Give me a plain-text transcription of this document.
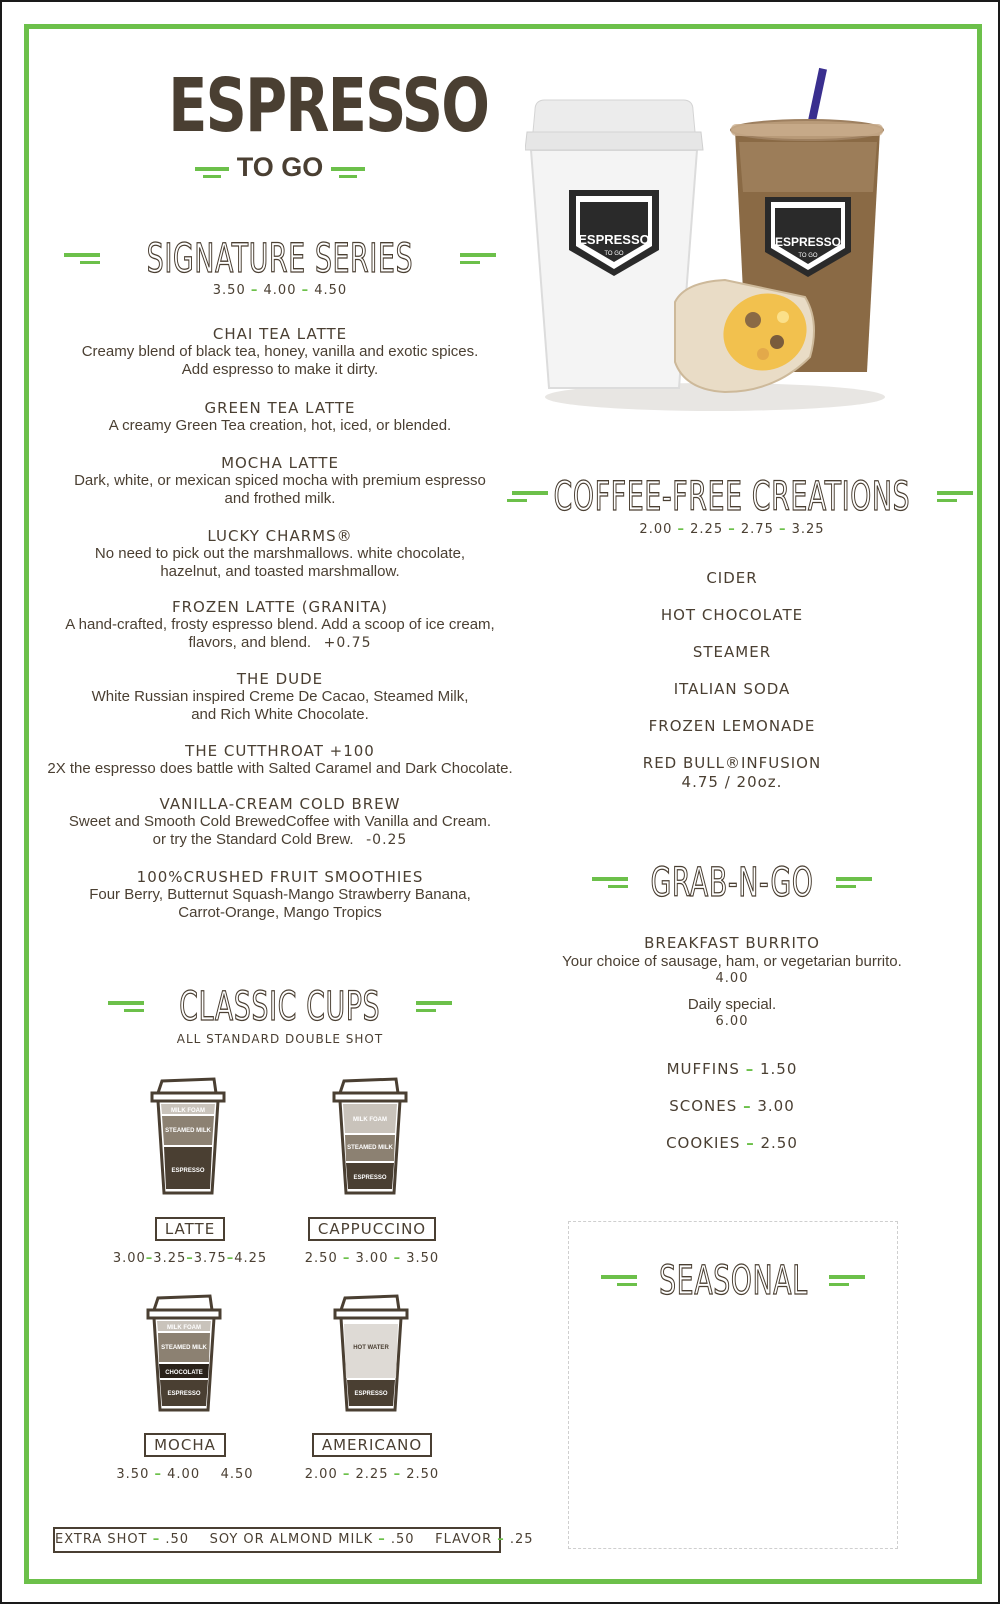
ESPRESSO
TO GO
SIGNATURE SERIES
3.50 – 4.00 – 4.50
CHAI TEA LATTE
Creamy blend of black tea, honey, vanilla and exotic spices.
Add espresso to make it dirty.
GREEN TEA LATTE
A creamy Green Tea creation, hot, iced, or blended.
MOCHA LATTE
Dark, white, or mexican spiced mocha with premium espresso
and frothed milk.
LUCKY CHARMS®
No need to pick out the marshmallows. white chocolate,
hazelnut, and toasted marshmallow.
FROZEN LATTE (GRANITA)
A hand-crafted, frosty espresso blend. Add a scoop of ice cream,
flavors, and blend. +0.75
THE DUDE
White Russian inspired Creme De Cacao, Steamed Milk,
and Rich White Chocolate.
THE CUTTHROAT +100
2X the espresso does battle with Salted Caramel and Dark Chocolate.
VANILLA-CREAM COLD BREW
Sweet and Smooth Cold BrewedCoffee with Vanilla and Cream.
or try the Standard Cold Brew. -0.25
100%CRUSHED FRUIT SMOOTHIES
Four Berry, Butternut Squash-Mango Strawberry Banana,
Carrot-Orange, Mango Tropics
CLASSIC CUPS
ALL STANDARD DOUBLE SHOT
MILK FOAM
STEAMED MILK
ESPRESSO
LATTE
3.00–3.25–3.75–4.25
MILK FOAM
STEAMED MILK
ESPRESSO
CAPPUCCINO
2.50 – 3.00 – 3.50
MILK FOAM
STEAMED MILK
CHOCOLATE
ESPRESSO
MOCHA
3.50 – 4.00 4.50
HOT WATER
ESPRESSO
AMERICANO
2.00 – 2.25 – 2.50
EXTRA SHOT – .50 SOY OR ALMOND MILK – .50 FLAVOR – .25
ESPRESSO
TO GO
ESPRESSO
TO GO
COFFEE-FREE CREATIONS
2.00 – 2.25 – 2.75 – 3.25
CIDER
HOT CHOCOLATE
STEAMER
ITALIAN SODA
FROZEN LEMONADE
RED BULL®INFUSION
4.75 / 20oz.
GRAB-N-GO
BREAKFAST BURRITO
Your choice of sausage, ham, or vegetarian burrito.
4.00
Daily special.
6.00
MUFFINS – 1.50
SCONES – 3.00
COOKIES – 2.50
SEASONAL
